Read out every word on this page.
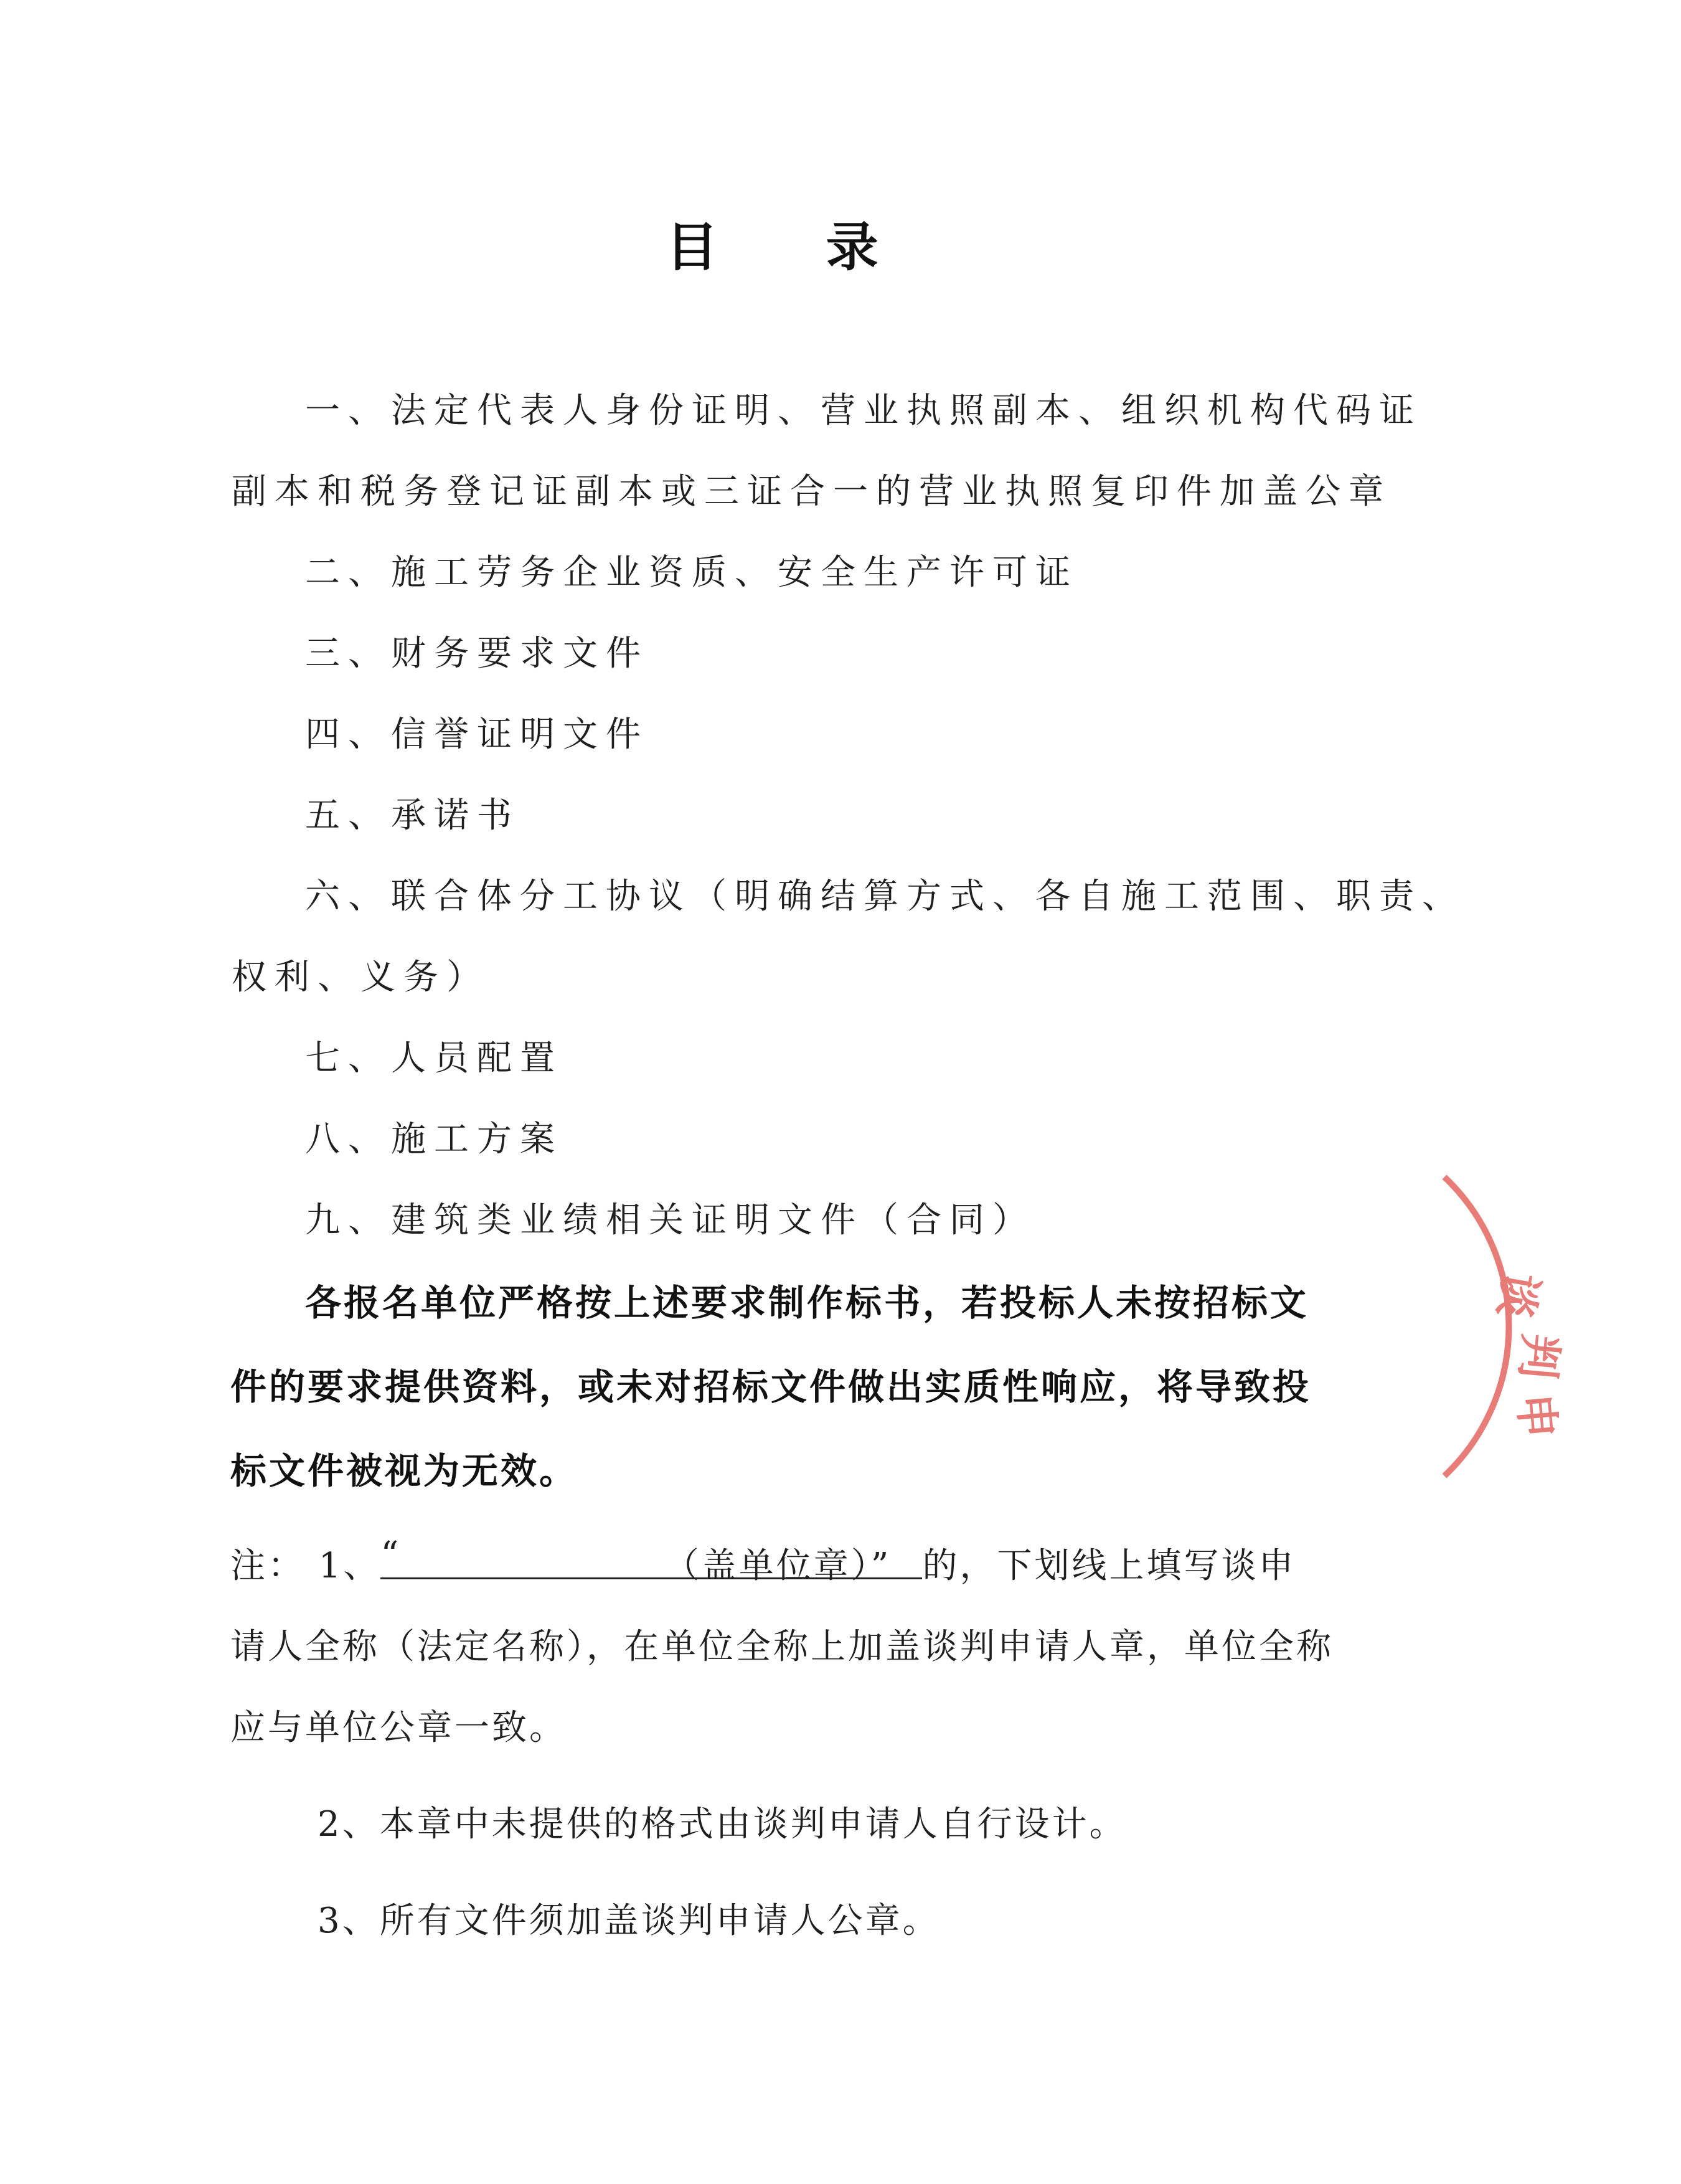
目 录
一、法定代表人身份证明、营业执照副本、组织机构代码证
副本和税务登记证副本或三证合一的营业执照复印件加盖公章
二、施工劳务企业资质、安全生产许可证
三、财务要求文件
四、信誉证明文件
五、承诺书
六、联合体分工协议（明确结算方式、各自施工范围、职责、
权利、义务）
七、人员配置
八、施工方案
九、建筑类业绩相关证明文件（合同）
各报名单位严格按上述要求制作标书，若投标人未按招标文
件的要求提供资料，或未对招标文件做出实质性响应，将导致投
标文件被视为无效。
注： 1、 “	（盖单位章）” 的，下划线上填写谈申
请人全称（法定名称），在单位全称上加盖谈判申请人章，单位全称
应与单位公章一致。
2、本章中未提供的格式由谈判申请人自行设计。
3、所有文件须加盖谈判申请人公章。
谈
判
申
